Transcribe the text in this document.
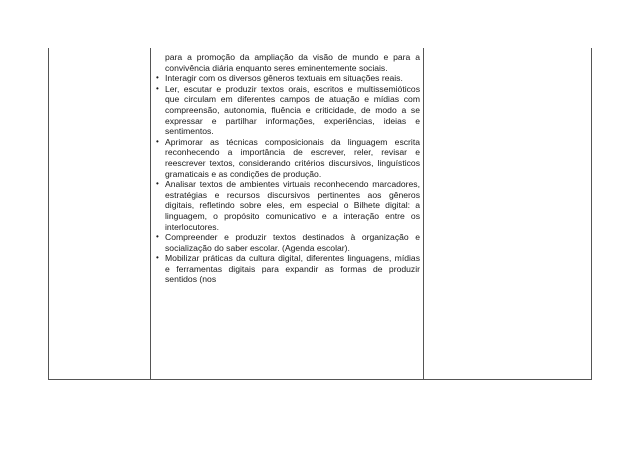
para a promoção da ampliação da visão de mundo e para a convivência diária enquanto seres eminentemente sociais.
• Interagir com os diversos gêneros textuais em situações reais.
• Ler, escutar e produzir textos orais, escritos e multissemióticos que circulam em diferentes campos de atuação e mídias com compreensão, autonomia, fluência e criticidade, de modo a se expressar e partilhar informações, experiências, ideias e sentimentos.
• Aprimorar as técnicas composicionais da linguagem escrita reconhecendo a importância de escrever, reler, revisar e reescrever textos, considerando critérios discursivos, linguísticos gramaticais e as condições de produção.
• Analisar textos de ambientes virtuais reconhecendo marcadores, estratégias e recursos discursivos pertinentes aos gêneros digitais, refletindo sobre eles, em especial o Bilhete digital: a linguagem, o propósito comunicativo e a interação entre os interlocutores.
• Compreender e produzir textos destinados à organização e socialização do saber escolar. (Agenda escolar).
• Mobilizar práticas da cultura digital, diferentes linguagens, mídias e ferramentas digitais para expandir as formas de produzir sentidos (nos
